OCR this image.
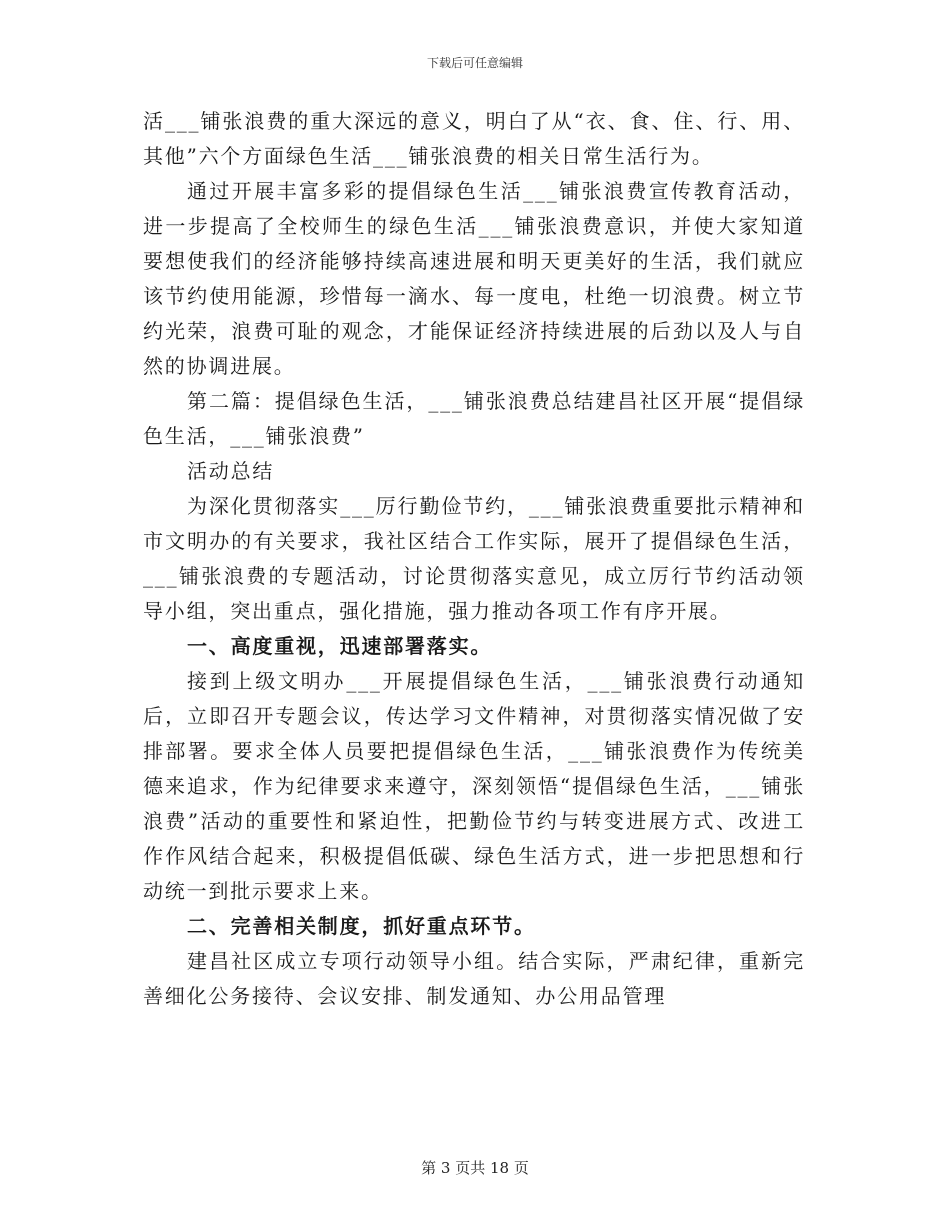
下载后可任意编辑

活___铺张浪费的重大深远的意义，明白了从“衣、食、住、行、用、其他”六个方面绿色生活___铺张浪费的相关日常生活行为。

通过开展丰富多彩的提倡绿色生活___铺张浪费宣传教育活动，进一步提高了全校师生的绿色生活___铺张浪费意识，并使大家知道要想使我们的经济能够持续高速进展和明天更美好的生活，我们就应该节约使用能源，珍惜每一滴水、每一度电，杜绝一切浪费。树立节约光荣，浪费可耻的观念，才能保证经济持续进展的后劲以及人与自然的协调进展。

第二篇：提倡绿色生活，___铺张浪费总结建昌社区开展“提倡绿色生活，___铺张浪费”

活动总结

为深化贯彻落实___厉行勤俭节约，___铺张浪费重要批示精神和市文明办的有关要求，我社区结合工作实际，展开了提倡绿色生活，___铺张浪费的专题活动，讨论贯彻落实意见，成立厉行节约活动领导小组，突出重点，强化措施，强力推动各项工作有序开展。

一、高度重视，迅速部署落实。

接到上级文明办___开展提倡绿色生活，___铺张浪费行动通知后，立即召开专题会议，传达学习文件精神，对贯彻落实情况做了安排部署。要求全体人员要把提倡绿色生活，___铺张浪费作为传统美德来追求，作为纪律要求来遵守，深刻领悟“提倡绿色生活，___铺张浪费”活动的重要性和紧迫性，把勤俭节约与转变进展方式、改进工作作风结合起来，积极提倡低碳、绿色生活方式，进一步把思想和行动统一到批示要求上来。

二、完善相关制度，抓好重点环节。

建昌社区成立专项行动领导小组。结合实际，严肃纪律，重新完善细化公务接待、会议安排、制发通知、办公用品管理

第 3 页共 18 页
